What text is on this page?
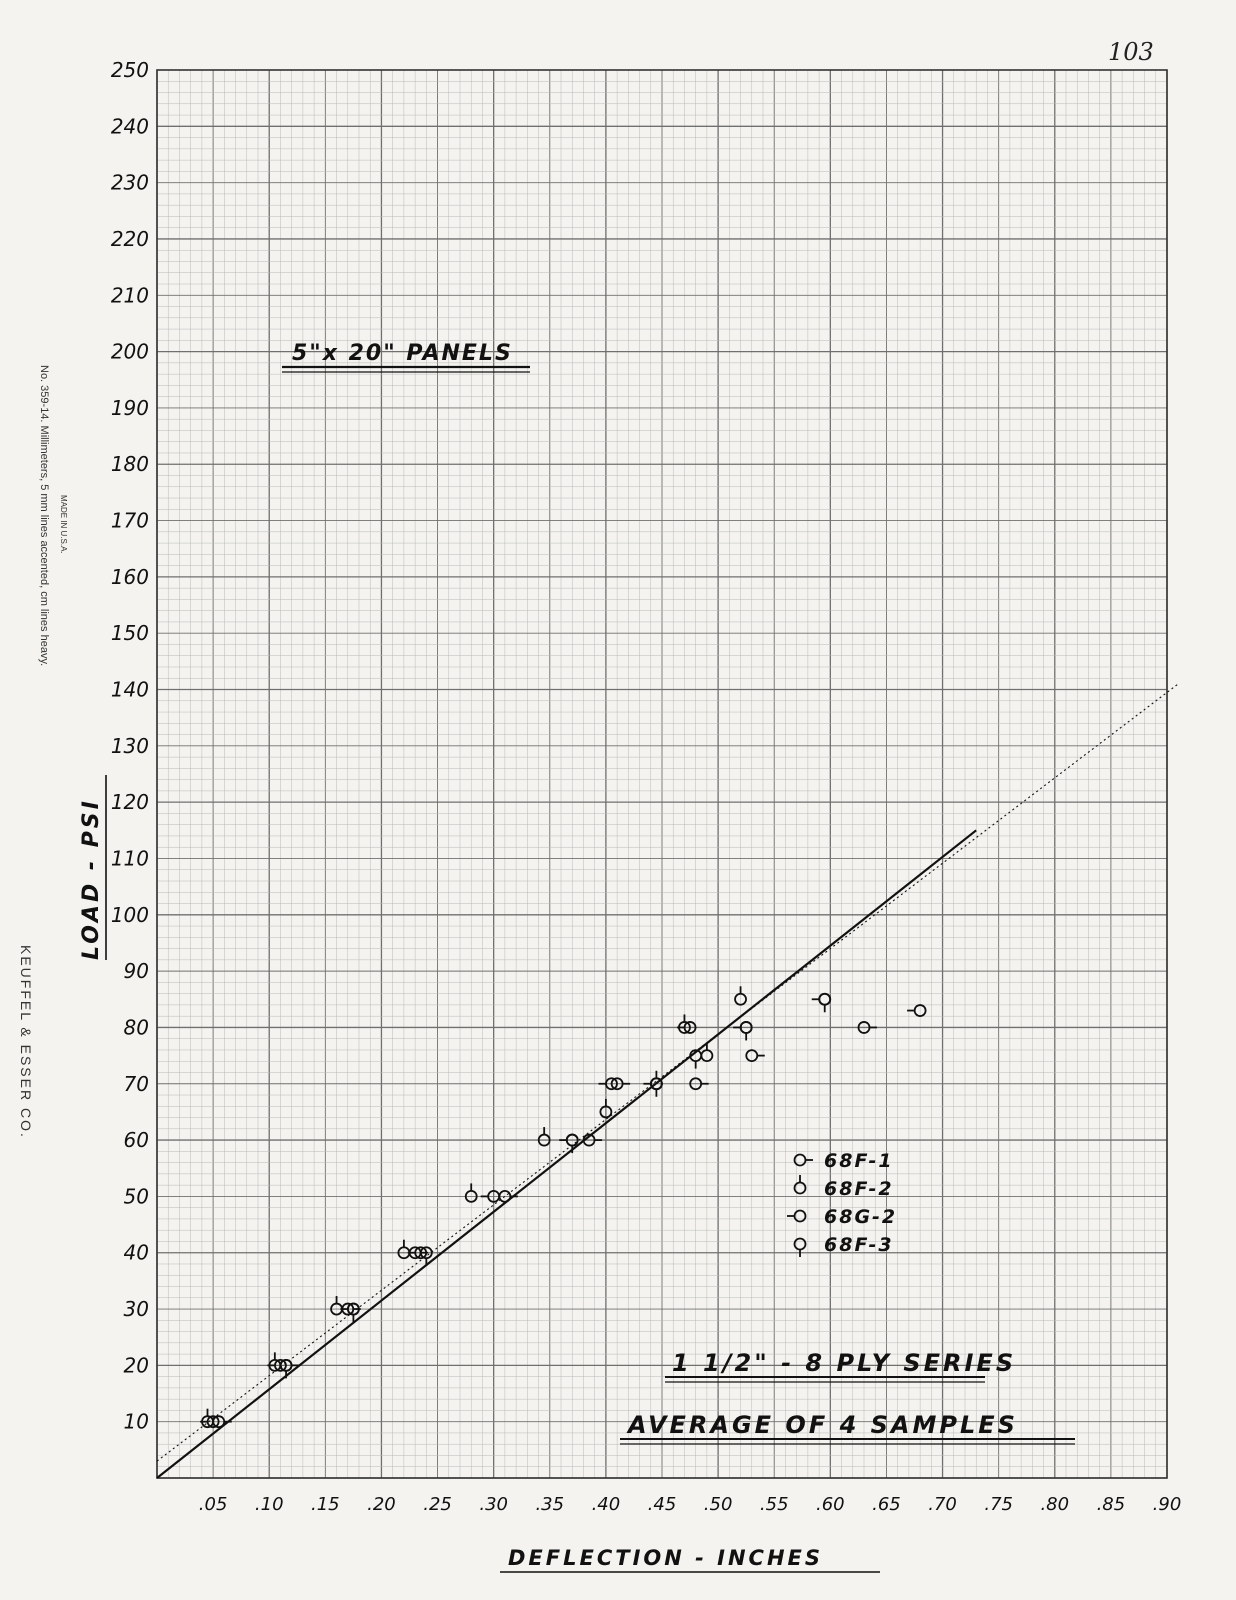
.05 .10 .15 .20 .25 .30 .35 .40 .45 .50 .55 .60 .65 .70 .75 .80 .85 .90
10
20
30
40
50
60
70
80
90
100
110
120
130
140
150
160
170
180
190
200
210
220
230
240
250
5"x 20" PANELS
1 1/2" - 8 PLY SERIES
AVERAGE OF 4 SAMPLES
DEFLECTION - INCHES
LOAD - PSI
68F-1
68F-2
68G-2
68F-3
103
KEUFFEL & ESSER CO.
No. 359-14. Millimeters, 5 mm lines accented, cm lines heavy. MADE IN U.S.A.
